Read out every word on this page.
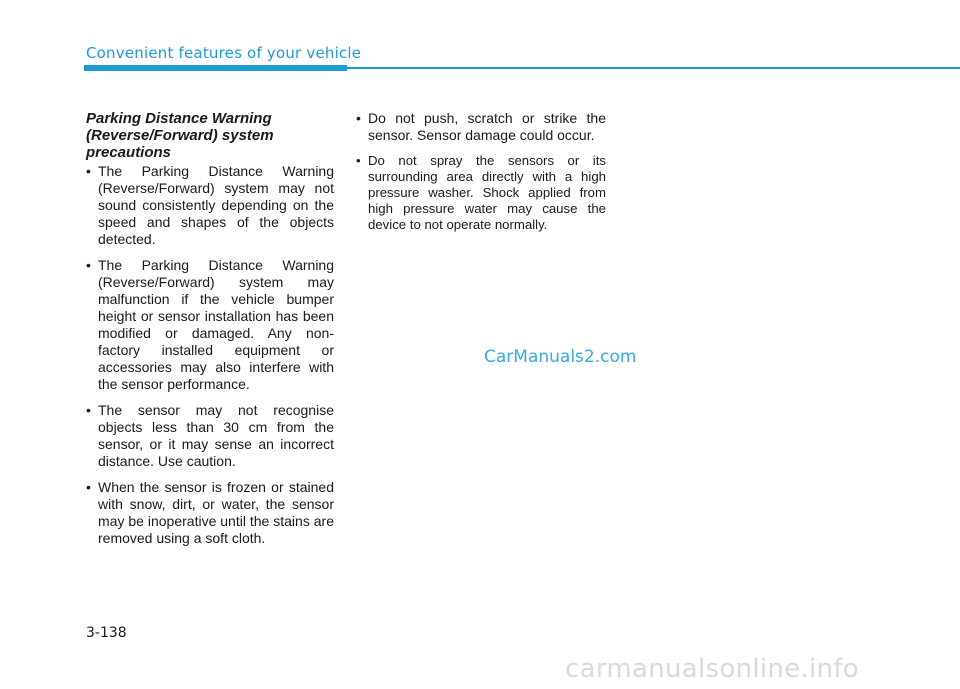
Convenient features of your vehicle
Parking Distance Warning (Reverse/Forward) system precautions
• The Parking Distance Warning (Reverse/Forward) system may not sound consistently depending on the speed and shapes of the objects detected.
• The Parking Distance Warning (Reverse/Forward) system may malfunction if the vehicle bumper height or sensor installation has been modified or damaged. Any non-factory installed equipment or accessories may also interfere with the sensor performance.
• The sensor may not recognise objects less than 30 cm from the sensor, or it may sense an incorrect distance. Use caution.
• When the sensor is frozen or stained with snow, dirt, or water, the sensor may be inoperative until the stains are removed using a soft cloth.
• Do not push, scratch or strike the sensor. Sensor damage could occur.
• Do not spray the sensors or its surrounding area directly with a high pressure washer. Shock applied from high pressure water may cause the device to not operate normally.
CarManuals2.com
3-138
carmanualsonline.info
